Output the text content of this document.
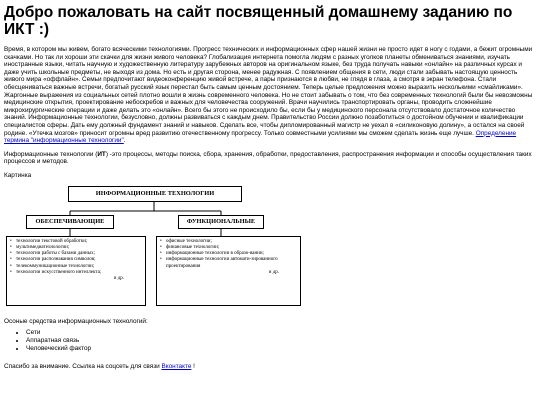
Добро пожаловать на сайт посвященный домашнему заданию по ИКТ :)

Время, в котором мы живем, богато всяческими технологиями. Прогресс технических и информационных сфер нашей жизни не просто идет в ногу с годами, а бежит огромными скачками. Но так ли хороши эти скачки для жизни живого человека? Глобализация интернета помогла людям с разных уголков планеты обмениваться знаниями, изучать иностранные языки, читать научную и художественную литературу зарубежных авторов на оригинальном языке, без труда получать навыки «онлайн» на различных курсах и даже учить школьные предметы, не выходя из дома. Но есть и другая сторона, менее радужная. С появлением общения в сети, люди стали забывать настоящую ценность живого мира «оффлайн». Семьи предпочитают видеоконференцию живой встрече, а пары признаются в любви, не глядя в глаза, а смотря в экран телефона. Стали обесцениваться важные встречи, богатый русский язык перестал быть самым ценным достоянием. Теперь целые предложения можно выразить несколькими «смайликами». Жаргонные выражения из социальных сетей плотно вошли в жизнь современного человека. Но не стоит забывать о том, что без современных технологий были бы невозможны медицинские открытия, проектирование небоскребов и важных для человечества сооружений. Врачи научились транспортировать органы, проводить сложнейшие микрохирургические операции и даже делать это «онлайн». Всего бы этого не происходило бы, если бы у медицинского персонала отсутствовало достаточное количество знаний. Информационные технологии, безусловно, должны развиваться с каждым днем. Правительство России должно позаботиться о достойном обучении и квалификации специалистов сферы. Дать ему должный фундамент знаний и навыков. Сделать все, чтобы дипломированный магистр не уехал в «силиконовую долину», а остался на своей родине. «Утечка мозгов» приносит огромны вред развитию отечественному прогрессу. Только совместными усилиями мы сможем сделать жизнь еще лучше. Определение термина "информационные технологии".

Информационные технологии (ИТ) -это процессы, методы поиска, сбора, хранения, обработки, предоставления, распространения информации и способы осуществления таких процессов и методов.

Картинка

ИНФОРМАЦИОННЫЕ ТЕХНОЛОГИИ
ОБЕСПЕЧИВАЮЩИЕ	ФУНКЦИОНАЛЬНЫЕ
• технологии текстовой обработки;
• мультимедиатехнологии;
• технологии работы с базами данных;
• технологии распознавания символов;
• телекоммуникационные технологии;
• технологии искусственного интеллекта;
и др.
• офисные технологии;
• финансовые технологии;
• информационные технологии в образо-вании;
• информационные технологии автомати-зированного проектирования
и др.

Осоные средства информационных технологий:

• Сети
• Аппаратная связь
• Человеческий фактор

Спасибо за внимание. Ссылка на соцсеть для связи Вконтакте !
